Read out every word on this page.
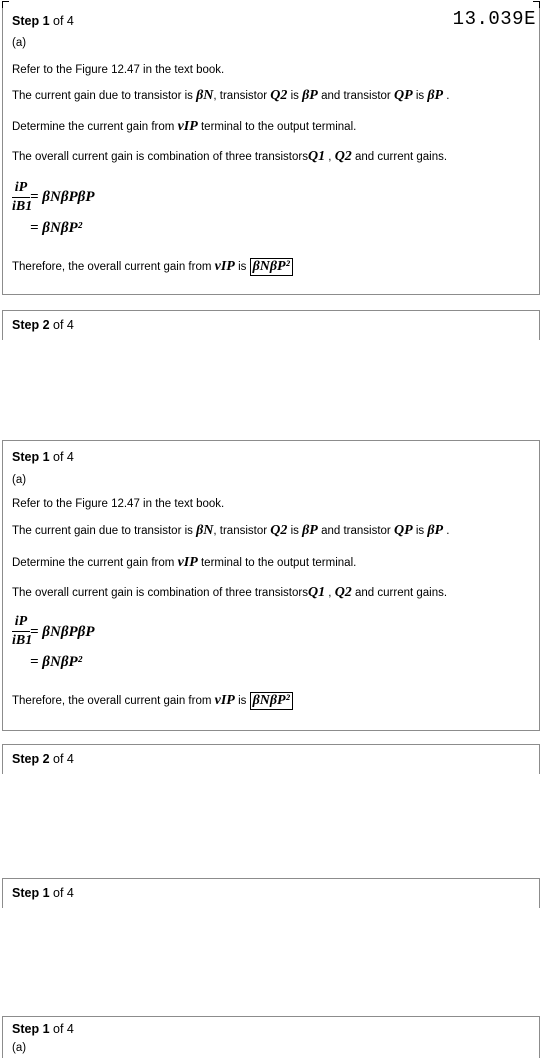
13.039E
Step 1 of 4
(a)
Refer to the Figure 12.47 in the text book.
The current gain due to transistor is βN, transistor Q2 is βP and transistor QP is βP .
Determine the current gain from vIP terminal to the output terminal.
The overall current gain is combination of three transistorsQ1 , Q2 and current gains.
iP
iB1
= βNβPβP
= βNβP²
Therefore, the overall current gain from vIP is βNβP²
Step 2 of 4
Step 1 of 4
(a)
Refer to the Figure 12.47 in the text book.
The current gain due to transistor is βN, transistor Q2 is βP and transistor QP is βP .
Determine the current gain from vIP terminal to the output terminal.
The overall current gain is combination of three transistorsQ1 , Q2 and current gains.
iP
iB1
= βNβPβP
= βNβP²
Therefore, the overall current gain from vIP is βNβP²
Step 2 of 4
Step 1 of 4
Step 1 of 4
(a)
